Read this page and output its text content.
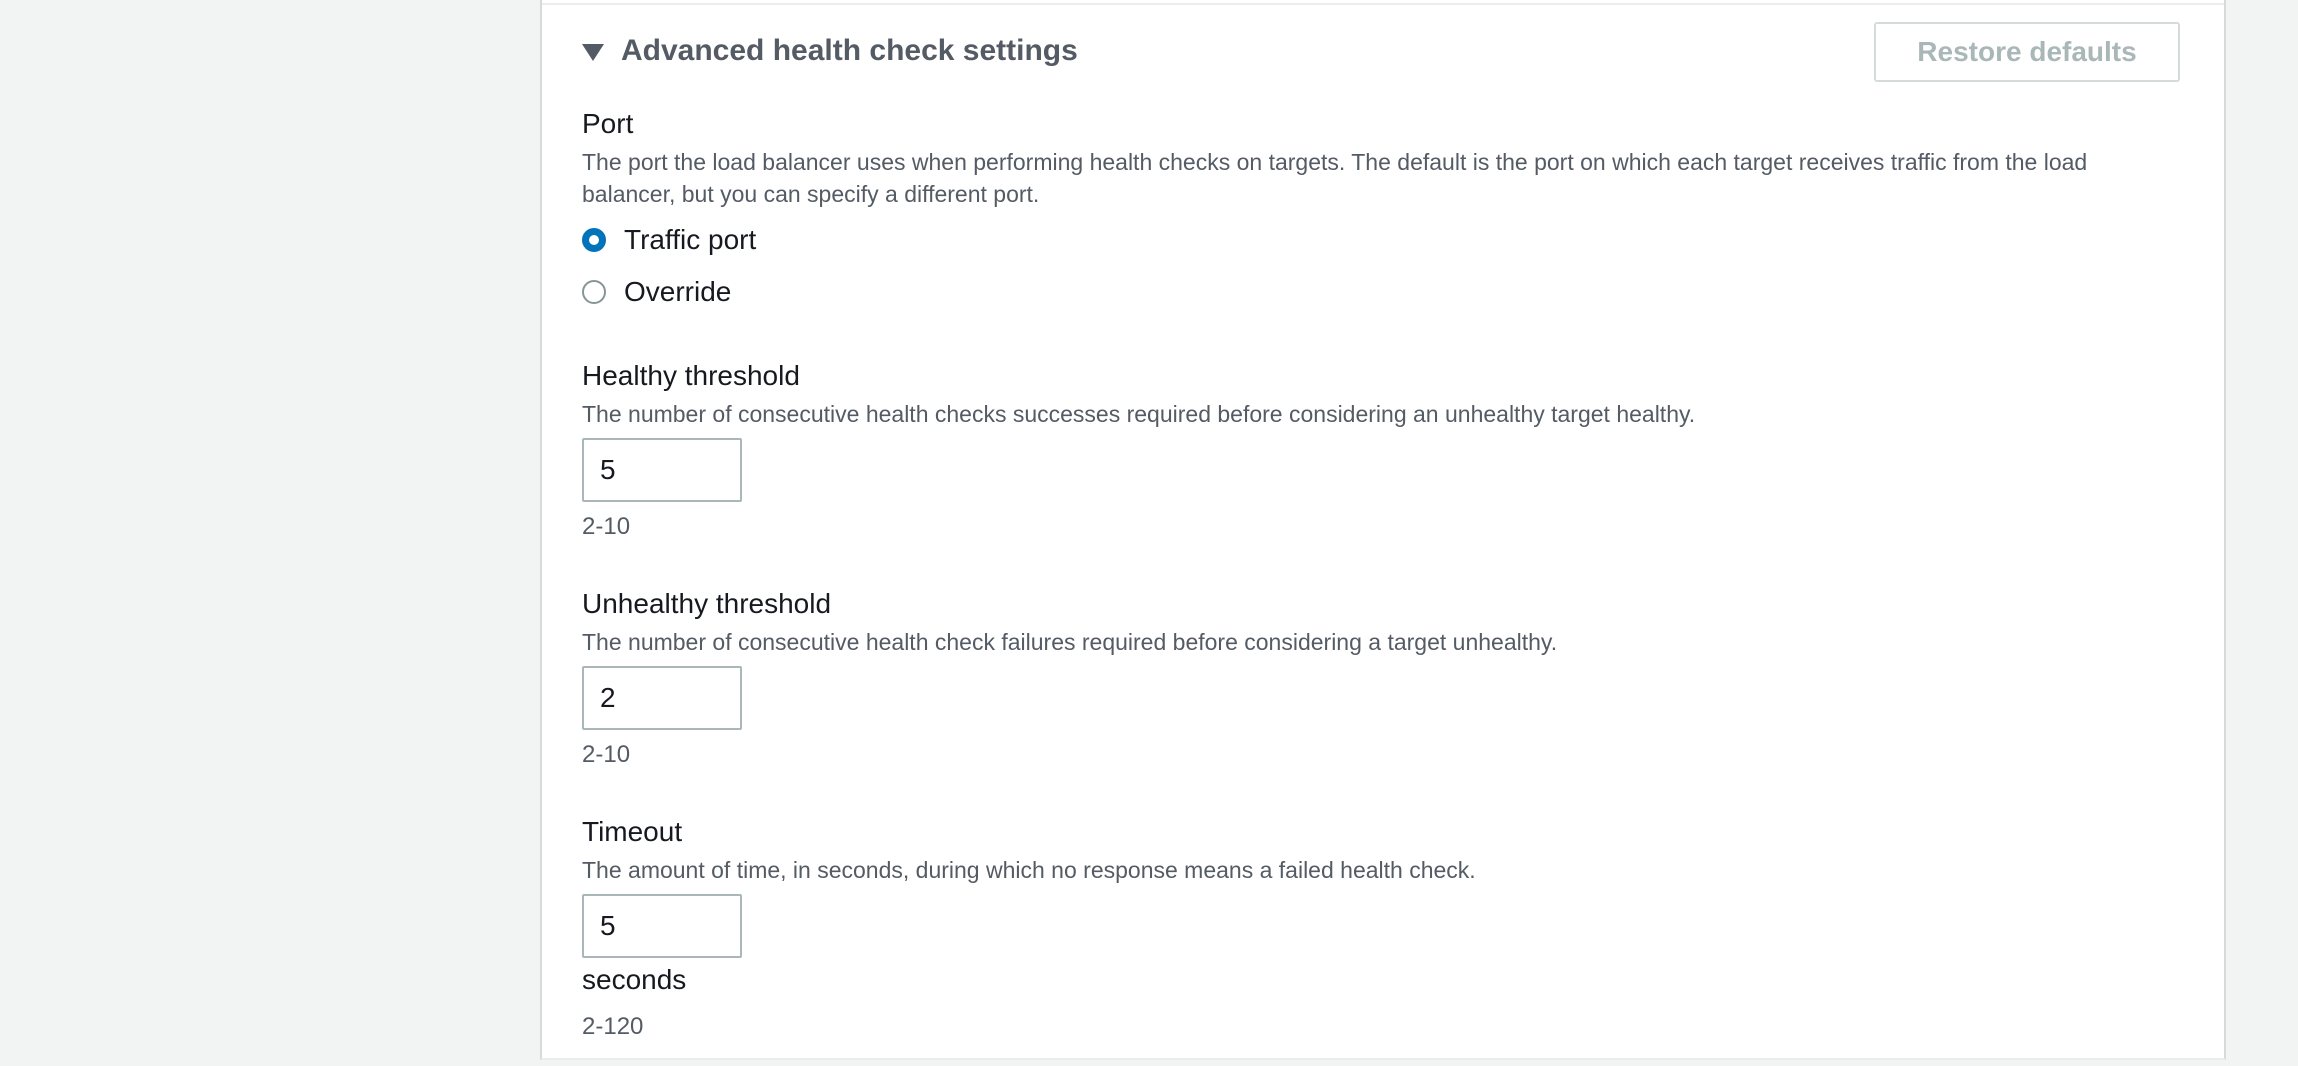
Advanced health check settings	Restore defaults
Port
The port the load balancer uses when performing health checks on targets. The default is the port on which each target receives traffic from the load balancer, but you can specify a different port.
Traffic port
Override
Healthy threshold
The number of consecutive health checks successes required before considering an unhealthy target healthy.
5
2-10
Unhealthy threshold
The number of consecutive health check failures required before considering a target unhealthy.
2
2-10
Timeout
The amount of time, in seconds, during which no response means a failed health check.
5
seconds
2-120
